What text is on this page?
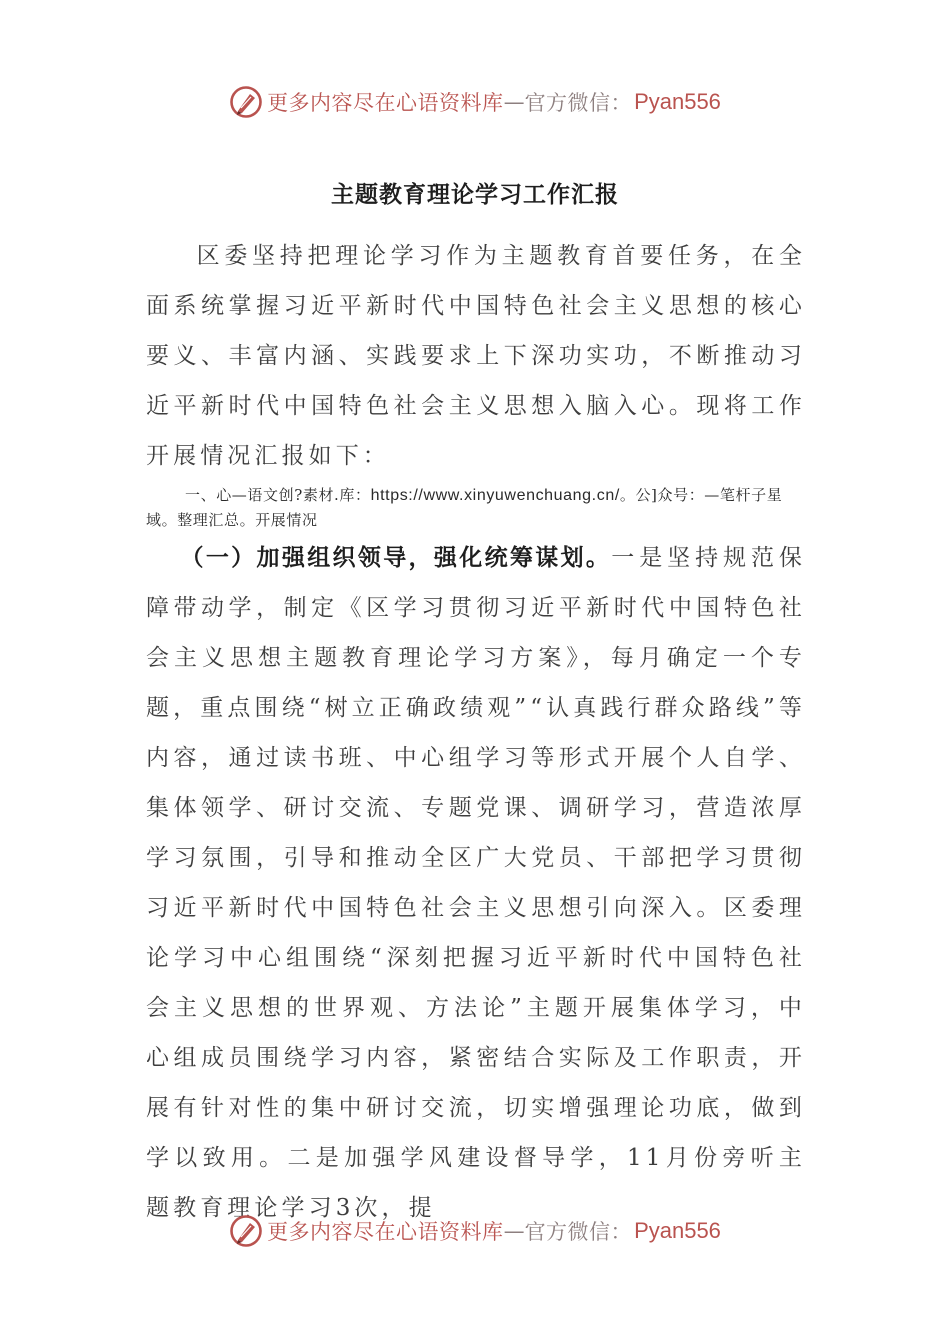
更多内容尽在心语资料库 — 官方微信： Pyan556
主题教育理论学习工作汇报

区委坚持把理论学习作为主题教育首要任务，在全面系统掌握习近平新时代中国特色社会主义思想的核心要义、丰富内涵、实践要求上下深功实功，不断推动习近平新时代中国特色社会主义思想入脑入心。现将工作开展情况汇报如下：

一、心—语文创?素材.库：https://www.xinyuwenchuang.cn/。公]众号：—笔杆子星域。整理汇总。开展情况

（一）加强组织领导，强化统筹谋划。一是坚持规范保障带动学，制定《区学习贯彻习近平新时代中国特色社会主义思想主题教育理论学习方案》，每月确定一个专题，重点围绕“树立正确政绩观”“认真践行群众路线”等内容，通过读书班、中心组学习等形式开展个人自学、集体领学、研讨交流、专题党课、调研学习，营造浓厚学习氛围，引导和推动全区广大党员、干部把学习贯彻习近平新时代中国特色社会主义思想引向深入。区委理论学习中心组围绕“深刻把握习近平新时代中国特色社会主义思想的世界观、方法论”主题开展集体学习，中心组成员围绕学习内容，紧密结合实际及工作职责，开展有针对性的集中研讨交流，切实增强理论功底，做到学以致用。二是加强学风建设督导学，11月份旁听主题教育理论学习3次，提

更多内容尽在心语资料库 — 官方微信： Pyan556
